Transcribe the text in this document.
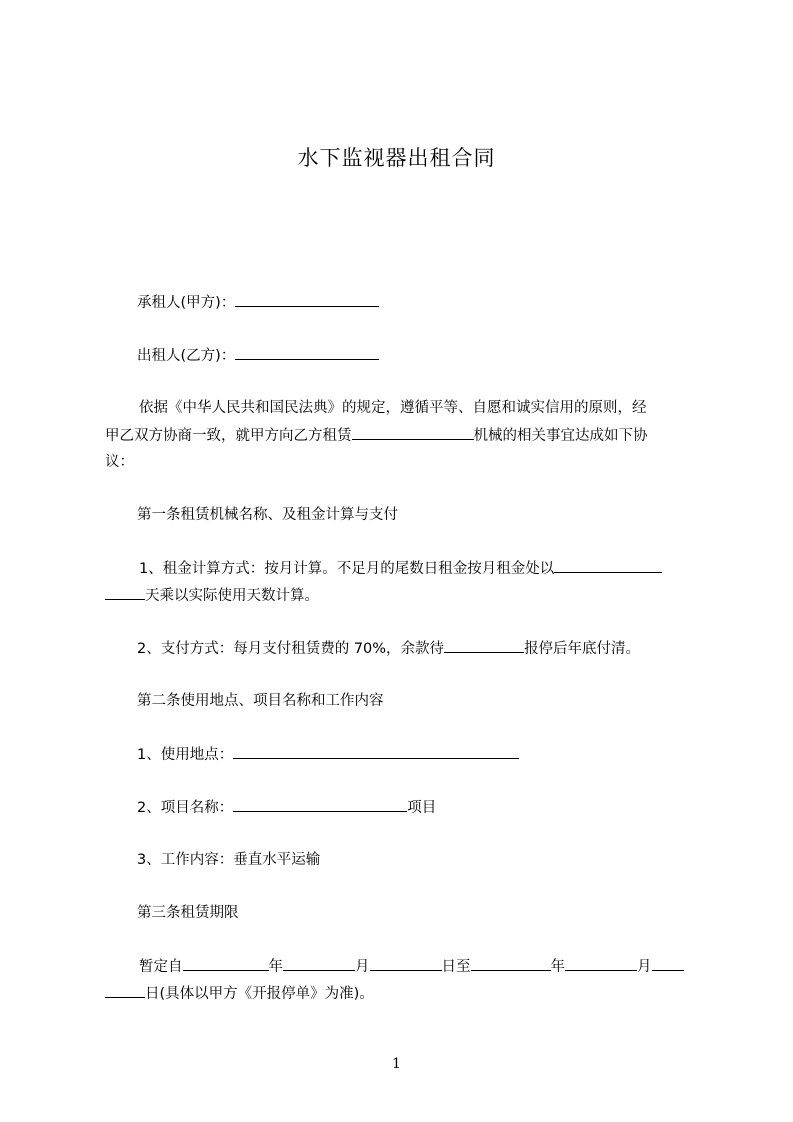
水下监视器出租合同
承租人(甲方)：
出租人(乙方)：
依据《中华人民共和国民法典》的规定，遵循平等、自愿和诚实信用的原则，经
甲乙双方协商一致，就甲方向乙方租赁	机械的相关事宜达成如下协
议：
第一条租赁机械名称、及租金计算与支付
1、租金计算方式：按月计算。不足月的尾数日租金按月租金处以
天乘以实际使用天数计算。
2、支付方式：每月支付租赁费的 70%，余款待	报停后年底付清。
第二条使用地点、项目名称和工作内容
1、使用地点：
2、项目名称：	项目
3、工作内容：垂直水平运输
第三条租赁期限
暂定自	年	月	日至	年	月
日(具体以甲方《开报停单》为准)。
1
